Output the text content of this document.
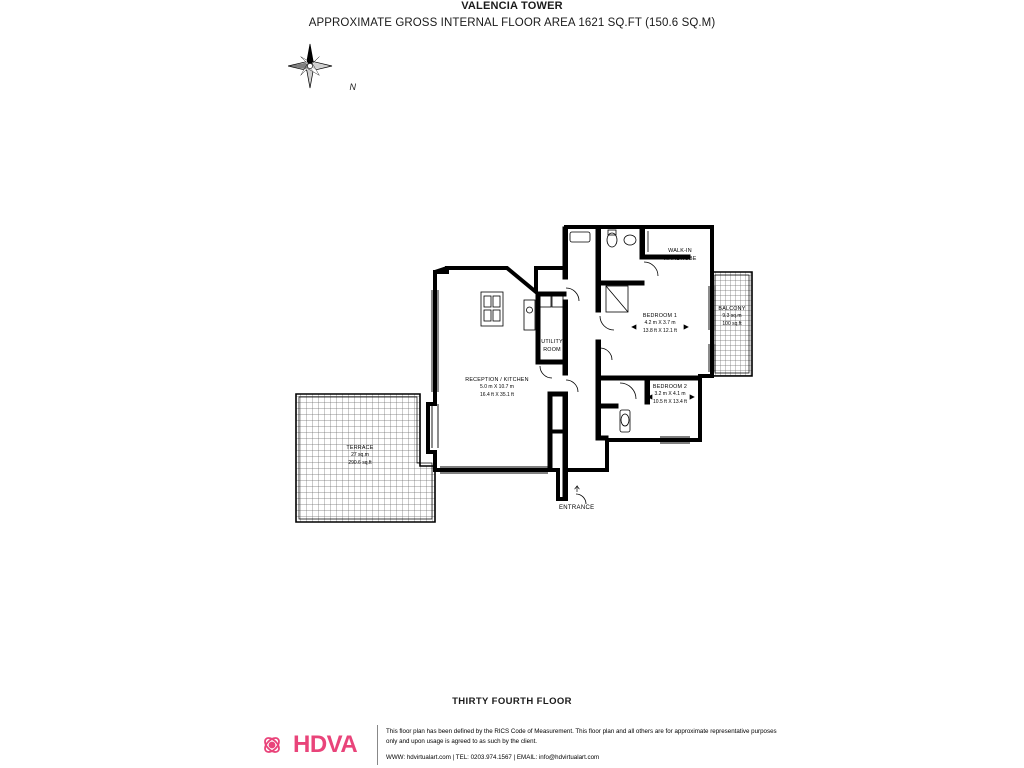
VALENCIA TOWER
APPROXIMATE GROSS INTERNAL FLOOR AREA 1621 SQ.FT (150.6 SQ.M)
N
WALK-IN
WARDROBE
BEDROOM 1
4.2 m X 3.7 m
13.8 ft X 12.1 ft
BEDROOM 2
3.2 m X 4.1 m
10.5 ft X 13.4 ft
BALCONY
9.3 sq.m
100 sq.ft
RECEPTION / KITCHEN
5.0 m X 10.7 m
16.4 ft X 35.1 ft
UTILITY
ROOM
TERRACE
27 sq.m
290.6 sq.ft
ENTRANCE
THIRTY FOURTH FLOOR
HDVA	This floor plan has been defined by the RICS Code of Measurement. This floor plan and all others are for approximate representative purposes only and upon usage is agreed to as such by the client.
WWW: hdvirtualart.com | TEL: 0203.974.1567 | EMAIL: info@hdvirtualart.com
